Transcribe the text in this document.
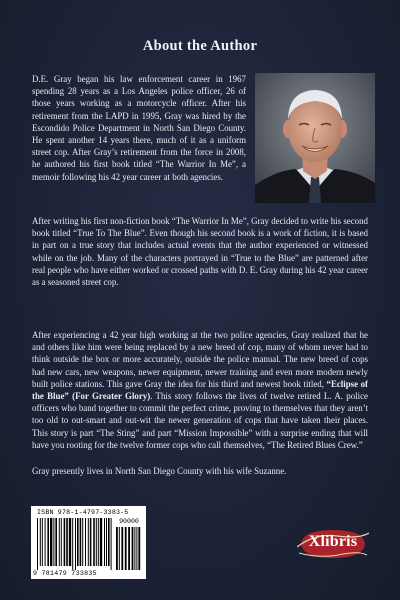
About the Author

D.E. Gray began his law enforcement career in 1967 spending 28 years as a Los Angeles police officer, 26 of those years working as a motorcycle officer. After his retirement from the LAPD in 1995, Gray was hired by the Escondido Police Department in North San Diego County. He spent another 14 years there, much of it as a uniform street cop. After Gray’s retirement from the force in 2008, he authored his first book titled “The Warrior In Me”, a memoir following his 42 year career at both agencies.

After writing his first non-fiction book “The Warrior In Me”, Gray decided to write his second book titled “True To The Blue”. Even though his second book is a work of fiction, it is based in part on a true story that includes actual events that the author experienced or witnessed while on the job. Many of the characters portrayed in “True to the Blue” are patterned after real people who have either worked or crossed paths with D. E. Gray during his 42 year career as a seasoned street cop.

After experiencing a 42 year high working at the two police agencies, Gray realized that he and others like him were being replaced by a new breed of cop, many of whom never had to think outside the box or more accurately, outside the police manual. The new breed of cops had new cars, new weapons, newer equipment, newer training and even more modern newly built police stations. This gave Gray the idea for his third and newest book titled, “Eclipse of the Blue” (For Greater Glory). This story follows the lives of twelve retired L. A. police officers who band together to commit the perfect crime, proving to themselves that they aren’t too old to out-smart and out-wit the newer generation of cops that have taken their places. This story is part “The Sting” and part “Mission Impossible” with a surprise ending that will have you rooting for the twelve former cops who call themselves, “The Retired Blues Crew.”

Gray presently lives in North San Diego County with his wife Suzanne.

ISBN 978-1-4797-3383-5
90000
9 781479 733835
Xlibris
